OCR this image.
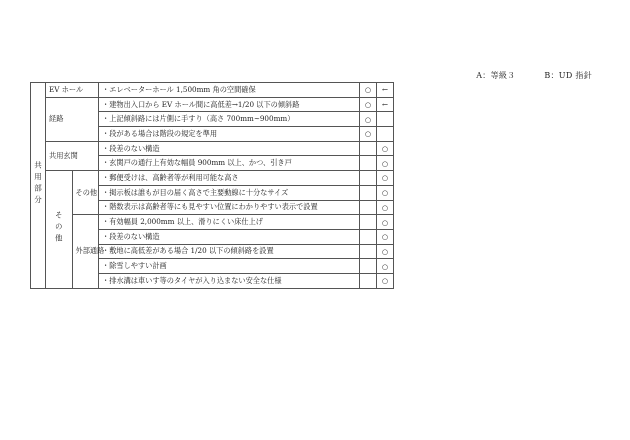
A：等級３	B：UD 指針
共用部分	EV ホール		・エレベーターホール 1,500mm 角の空間確保	○	←	
	経路		・建物出入口から EV ホール間に高低差→1/20 以下の傾斜路	○	←	
			・上記傾斜路には片側に手すり（高さ 700mm~900mm）	○		
			・段がある場合は階段の規定を準用	○		
	共用玄関		・段差のない構造		○	
			・玄関戸の通行上有効な幅員 900mm 以上、かつ、引き戸		○	
	その他	その他	・郵便受けは、高齢者等が利用可能な高さ		○	
			・掲示板は誰もが目の届く高さで主要動線に十分なサイズ		○	
			・階数表示は高齢者等にも見やすい位置にわかりやすい表示で設置		○	
		外部通路	・有効幅員 2,000mm 以上、滑りにくい床仕上げ		○	
			・段差のない構造		○	
			・敷地に高低差がある場合 1/20 以下の傾斜路を設置		○	
			・除雪しやすい計画		○	
			・排水溝は車いす等のタイヤが入り込まない安全な仕様		○	
